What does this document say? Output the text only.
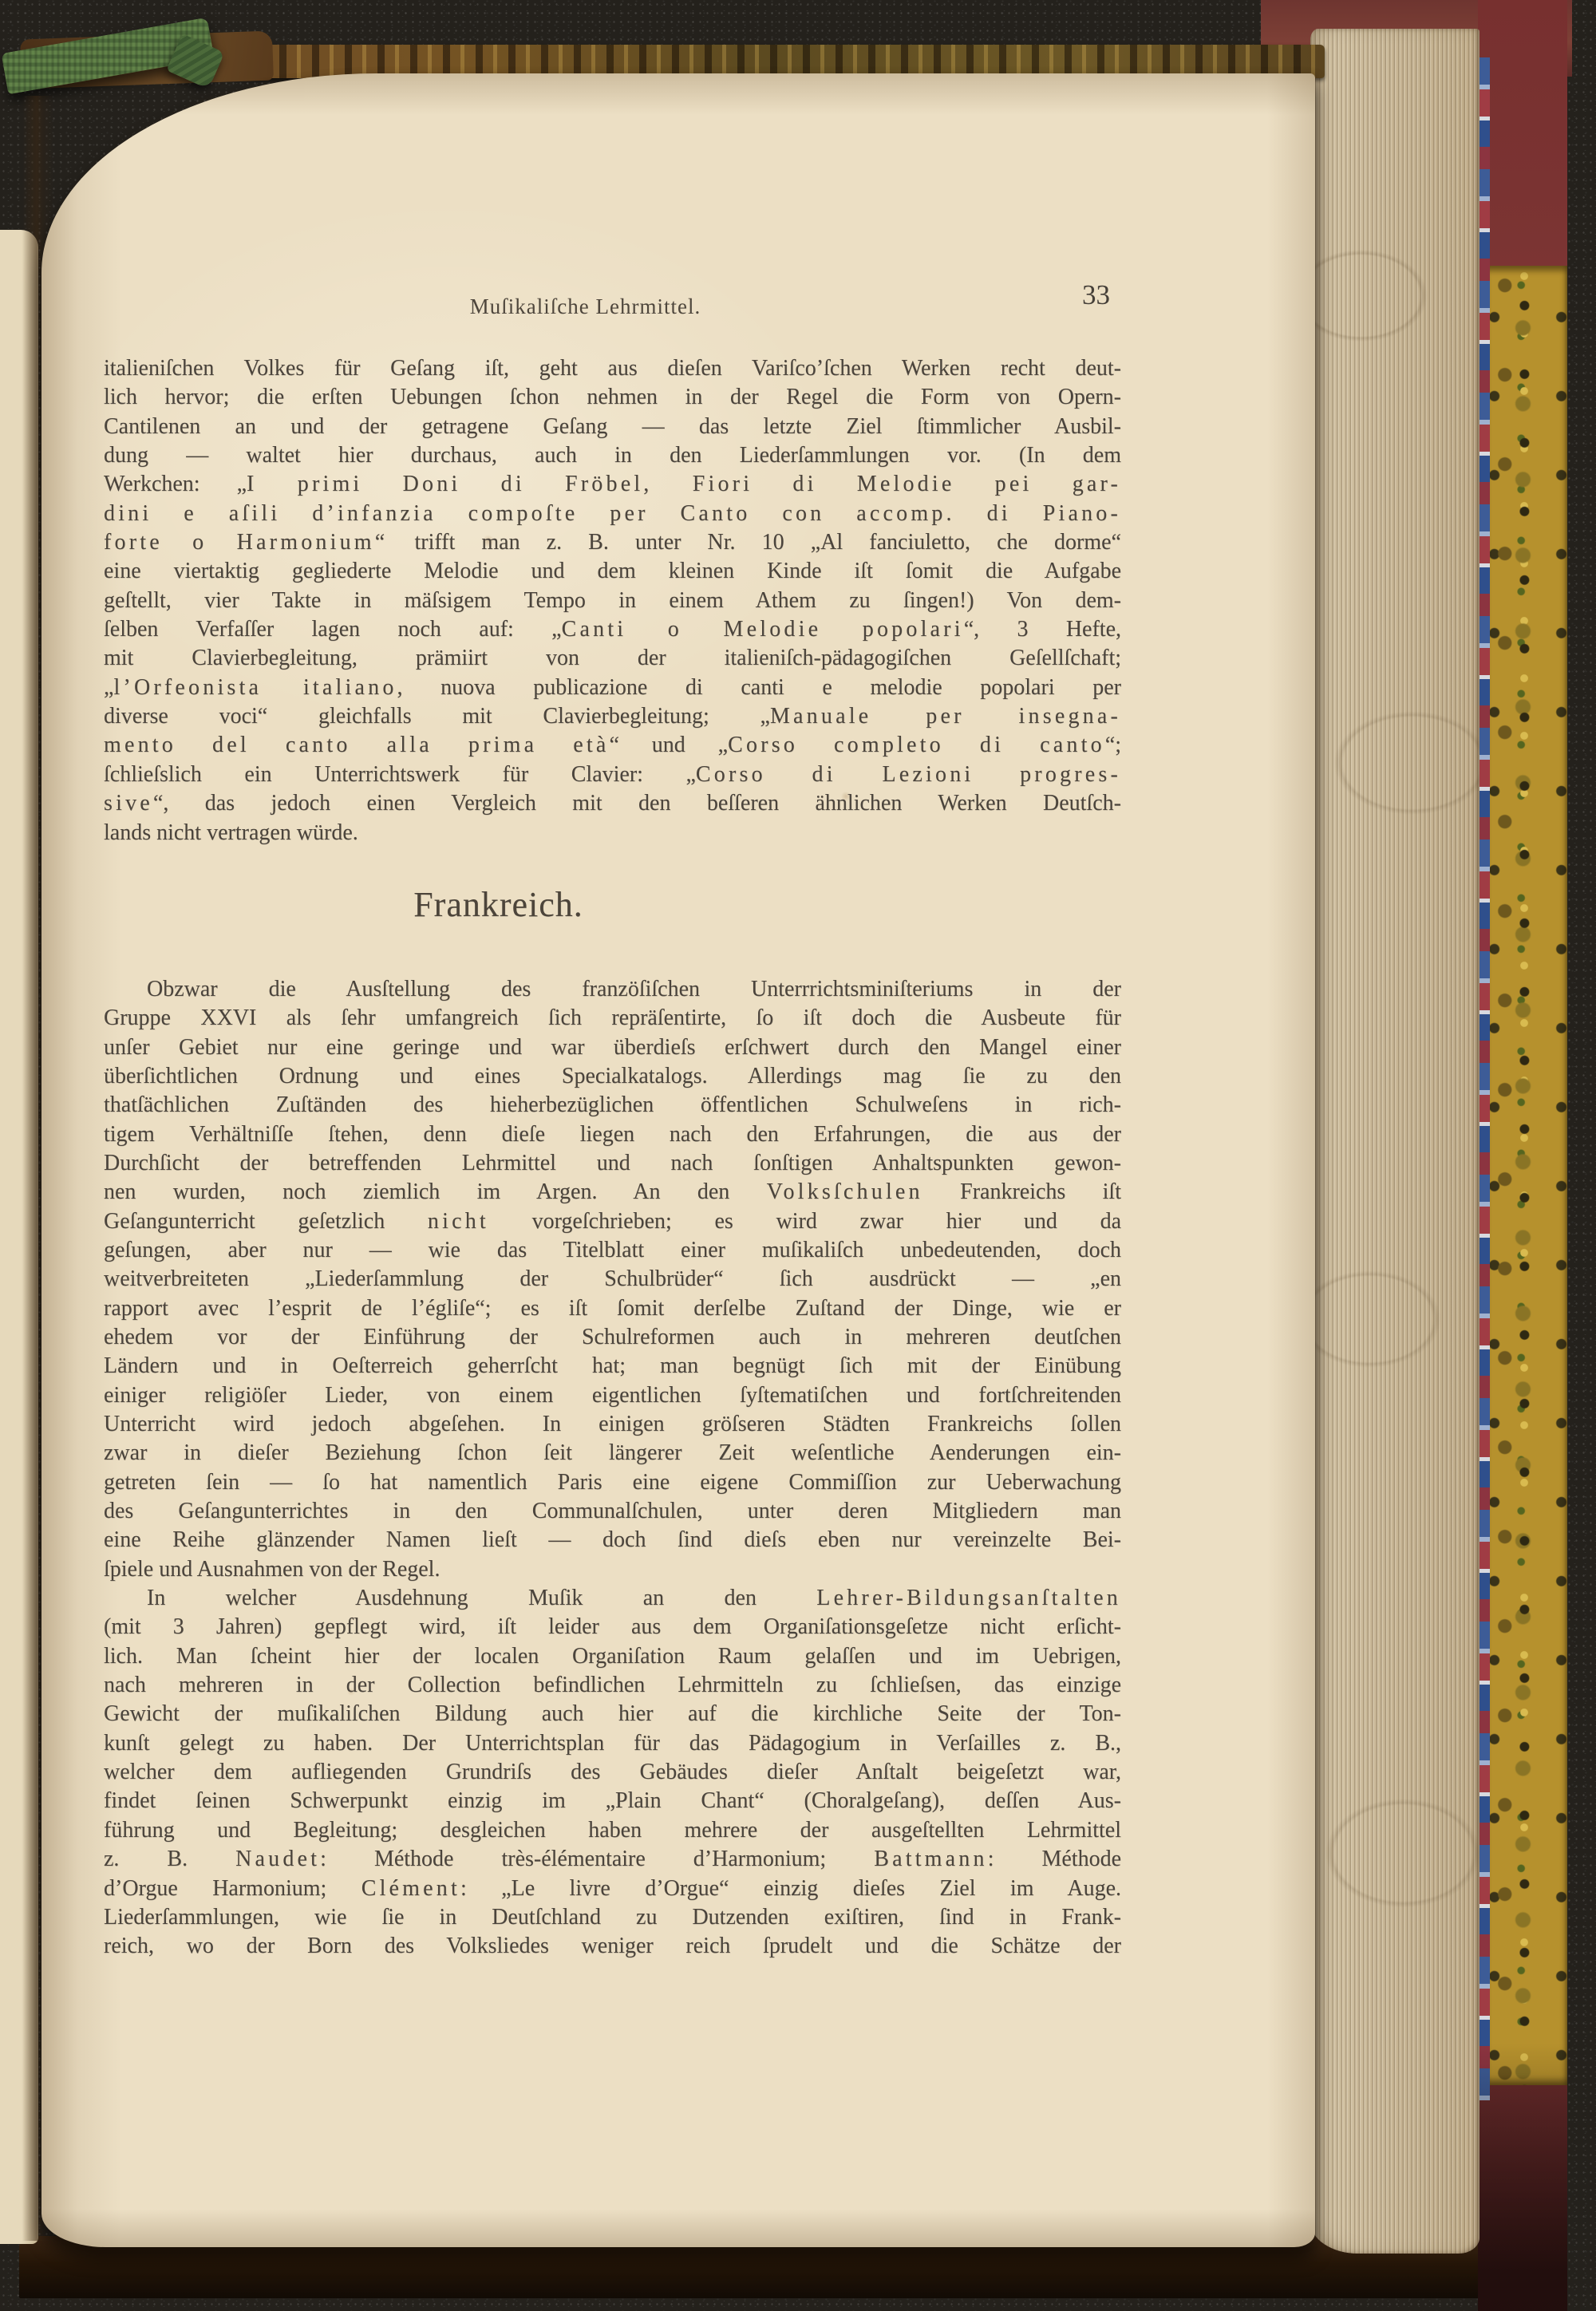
Muſikaliſche Lehrmittel.	33
italieniſchen Volkes für Geſang iſt, geht aus dieſen Variſco’ſchen Werken recht deut-
lich hervor; die erſten Uebungen ſchon nehmen in der Regel die Form von Opern-
Cantilenen an und der getragene Geſang — das letzte Ziel ſtimmlicher Ausbil-
dung — waltet hier durchaus, auch in den Liederſammlungen vor. (In dem
Werkchen: „I primi Doni di Fröbel, Fiori di Melodie pei gar-
dini e aſili d’infanzia compoſte per Canto con accomp. di Piano-
forte o Harmonium“ trifft man z. B. unter Nr. 10 „Al fanciuletto, che dorme“
eine viertaktig gegliederte Melodie und dem kleinen Kinde iſt ſomit die Aufgabe
geſtellt, vier Takte in mäſsigem Tempo in einem Athem zu ſingen!) Von dem-
ſelben Verfaſſer lagen noch auf: „Canti o Melodie popolari“, 3 Hefte,
mit Clavierbegleitung, prämiirt von der italieniſch-pädagogiſchen Geſellſchaft;
„l’Orfeonista italiano, nuova publicazione di canti e melodie popolari per
diverse voci“ gleichfalls mit Clavierbegleitung; „Manuale per insegna-
mento del canto alla prima età“ und „Corso completo di canto“;
ſchlieſslich ein Unterrichtswerk für Clavier: „Corso di Lezioni progres-
sive“, das jedoch einen Vergleich mit den beſſeren ähnlichen Werken Deutſch-
lands nicht vertragen würde.
Frankreich.
Obzwar die Ausſtellung des franzöſiſchen Unterrrichtsminiſteriums in der
Gruppe XXVI als ſehr umfangreich ſich repräſentirte, ſo iſt doch die Ausbeute für
unſer Gebiet nur eine geringe und war überdieſs erſchwert durch den Mangel einer
überſichtlichen Ordnung und eines Specialkatalogs. Allerdings mag ſie zu den
thatſächlichen Zuſtänden des hieherbezüglichen öffentlichen Schulweſens in rich-
tigem Verhältniſſe ſtehen, denn dieſe liegen nach den Erfahrungen, die aus der
Durchſicht der betreffenden Lehrmittel und nach ſonſtigen Anhaltspunkten gewon-
nen wurden, noch ziemlich im Argen. An den Volksſchulen Frankreichs iſt
Geſangunterricht geſetzlich nicht vorgeſchrieben; es wird zwar hier und da
geſungen, aber nur — wie das Titelblatt einer muſikaliſch unbedeutenden, doch
weitverbreiteten „Liederſammlung der Schulbrüder“ ſich ausdrückt — „en
rapport avec l’esprit de l’égliſe“; es iſt ſomit derſelbe Zuſtand der Dinge, wie er
ehedem vor der Einführung der Schulreformen auch in mehreren deutſchen
Ländern und in Oeſterreich geherrſcht hat; man begnügt ſich mit der Einübung
einiger religiöſer Lieder, von einem eigentlichen ſyſtematiſchen und fortſchreitenden
Unterricht wird jedoch abgeſehen. In einigen gröſseren Städten Frankreichs ſollen
zwar in dieſer Beziehung ſchon ſeit längerer Zeit weſentliche Aenderungen ein-
getreten ſein — ſo hat namentlich Paris eine eigene Commiſſion zur Ueberwachung
des Geſangunterrichtes in den Communalſchulen, unter deren Mitgliedern man
eine Reihe glänzender Namen lieſt — doch ſind dieſs eben nur vereinzelte Bei-
ſpiele und Ausnahmen von der Regel.
In welcher Ausdehnung Muſik an den Lehrer-Bildungsanſtalten
(mit 3 Jahren) gepflegt wird, iſt leider aus dem Organiſationsgeſetze nicht erſicht-
lich. Man ſcheint hier der localen Organiſation Raum gelaſſen und im Uebrigen,
nach mehreren in der Collection befindlichen Lehrmitteln zu ſchlieſsen, das einzige
Gewicht der muſikaliſchen Bildung auch hier auf die kirchliche Seite der Ton-
kunſt gelegt zu haben. Der Unterrichtsplan für das Pädagogium in Verſailles z. B.,
welcher dem aufliegenden Grundriſs des Gebäudes dieſer Anſtalt beigeſetzt war,
findet ſeinen Schwerpunkt einzig im „Plain Chant“ (Choralgeſang), deſſen Aus-
führung und Begleitung; desgleichen haben mehrere der ausgeſtellten Lehrmittel
z. B. Naudet: Méthode très-élémentaire d’Harmonium; Battmann: Méthode
d’Orgue Harmonium; Clément: „Le livre d’Orgue“ einzig dieſes Ziel im Auge.
Liederſammlungen, wie ſie in Deutſchland zu Dutzenden exiſtiren, ſind in Frank-
reich, wo der Born des Volksliedes weniger reich ſprudelt und die Schätze der
